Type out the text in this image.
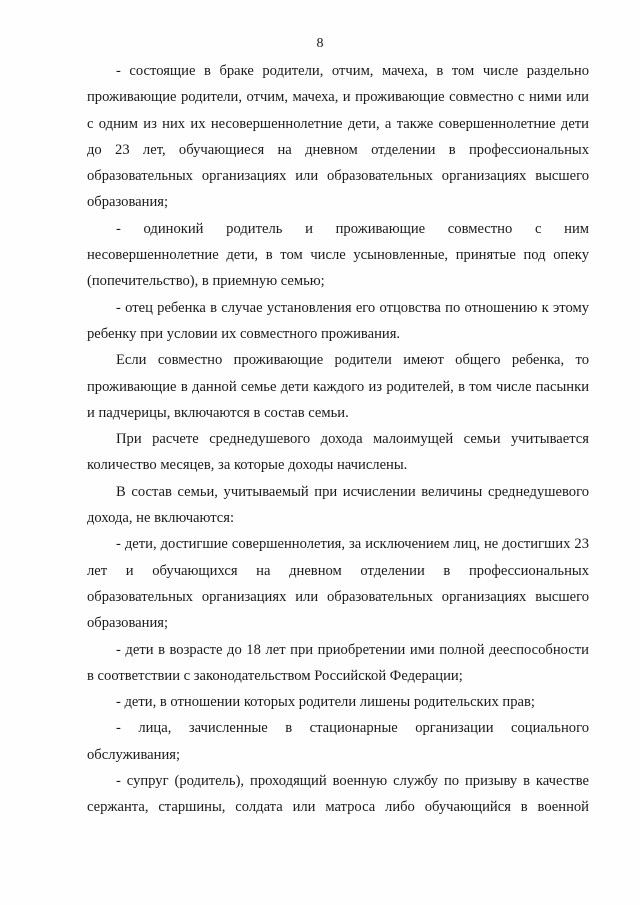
8

- состоящие в браке родители, отчим, мачеха, в том числе раздельно проживающие родители, отчим, мачеха, и проживающие совместно с ними или с одним из них их несовершеннолетние дети, а также совершеннолетние дети до 23 лет, обучающиеся на дневном отделении в профессиональных образовательных организациях или образовательных организациях высшего образования;

- одинокий родитель и проживающие совместно с ним несовершеннолетние дети, в том числе усыновленные, принятые под опеку (попечительство), в приемную семью;

- отец ребенка в случае установления его отцовства по отношению к этому ребенку при условии их совместного проживания.

Если совместно проживающие родители имеют общего ребенка, то проживающие в данной семье дети каждого из родителей, в том числе пасынки и падчерицы, включаются в состав семьи.

При расчете среднедушевого дохода малоимущей семьи учитывается количество месяцев, за которые доходы начислены.

В состав семьи, учитываемый при исчислении величины среднедушевого дохода, не включаются:

- дети, достигшие совершеннолетия, за исключением лиц, не достигших 23 лет и обучающихся на дневном отделении в профессиональных образовательных организациях или образовательных организациях высшего образования;

- дети в возрасте до 18 лет при приобретении ими полной дееспособности в соответствии с законодательством Российской Федерации;

- дети, в отношении которых родители лишены родительских прав;

- лица, зачисленные в стационарные организации социального обслуживания;

- супруг (родитель), проходящий военную службу по призыву в качестве сержанта, старшины, солдата или матроса либо обучающийся в военной
